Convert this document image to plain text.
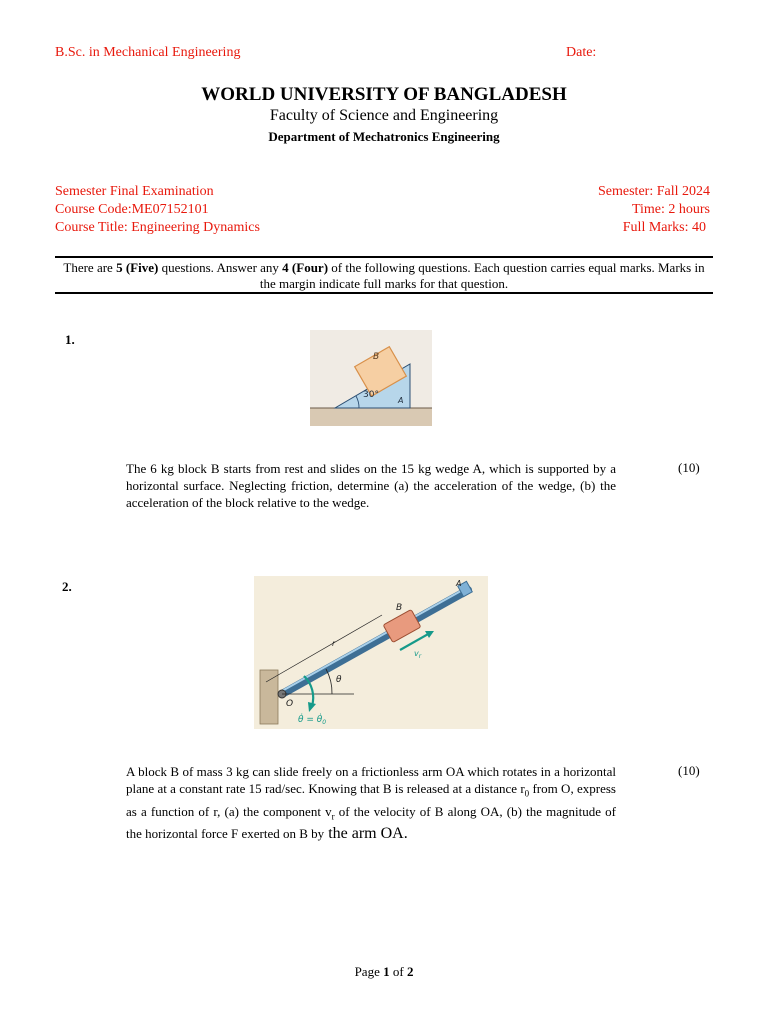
B.Sc. in Mechanical Engineering	Date:
WORLD UNIVERSITY OF BANGLADESH
Faculty of Science and Engineering
Department of Mechatronics Engineering
Semester Final Examination
Course Code:ME07152101
Course Title: Engineering Dynamics
Semester: Fall 2024
Time: 2 hours
Full Marks: 40
There are 5 (Five) questions. Answer any 4 (Four) of the following questions. Each question carries equal marks. Marks in the margin indicate full marks for that question.
1.
B
30°
A
The 6 kg block B starts from rest and slides on the 15 kg wedge A, which is supported by a horizontal surface. Neglecting friction, determine (a) the acceleration of the wedge, (b) the acceleration of the block relative to the wedge.
(10)
2.	A
B
O
r
θ
$v_r$
θ̇ = $\thetȧ_0$
A block B of mass 3 kg can slide freely on a frictionless arm OA which rotates in a horizontal plane at a constant rate 15 rad/sec. Knowing that B is released at a distance $r_0$ from O, express as a function of r, (a) the component $v_r$ of the velocity of B along OA, (b) the magnitude of the horizontal force F exerted on B by the arm OA.
(10)
Page 1 of 2
